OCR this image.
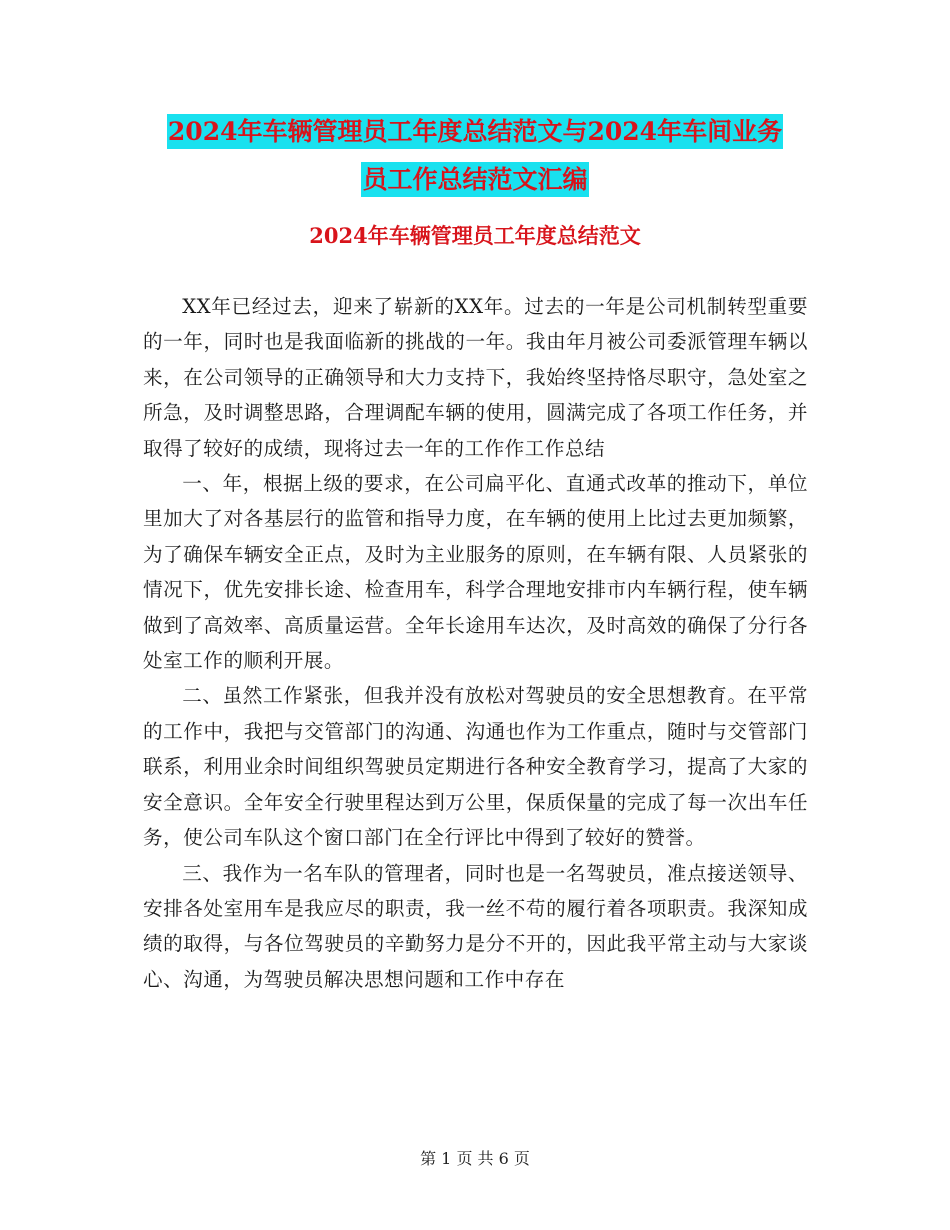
2024年车辆管理员工年度总结范文与2024年车间业务
员工作总结范文汇编
2024年车辆管理员工年度总结范文

XX年已经过去，迎来了崭新的XX年。过去的一年是公司机制转型重要的一年，同时也是我面临新的挑战的一年。我由年月被公司委派管理车辆以来，在公司领导的正确领导和大力支持下，我始终坚持恪尽职守，急处室之所急，及时调整思路，合理调配车辆的使用，圆满完成了各项工作任务，并取得了较好的成绩，现将过去一年的工作作工作总结

一、年，根据上级的要求，在公司扁平化、直通式改革的推动下，单位里加大了对各基层行的监管和指导力度，在车辆的使用上比过去更加频繁，为了确保车辆安全正点，及时为主业服务的原则，在车辆有限、人员紧张的情况下，优先安排长途、检查用车，科学合理地安排市内车辆行程，使车辆做到了高效率、高质量运营。全年长途用车达次，及时高效的确保了分行各处室工作的顺利开展。

二、虽然工作紧张，但我并没有放松对驾驶员的安全思想教育。在平常的工作中，我把与交管部门的沟通、沟通也作为工作重点，随时与交管部门联系，利用业余时间组织驾驶员定期进行各种安全教育学习，提高了大家的安全意识。全年安全行驶里程达到万公里，保质保量的完成了每一次出车任务，使公司车队这个窗口部门在全行评比中得到了较好的赞誉。

三、我作为一名车队的管理者，同时也是一名驾驶员，准点接送领导、安排各处室用车是我应尽的职责，我一丝不苟的履行着各项职责。我深知成绩的取得，与各位驾驶员的辛勤努力是分不开的，因此我平常主动与大家谈心、沟通，为驾驶员解决思想问题和工作中存在

第 1 页 共 6 页
